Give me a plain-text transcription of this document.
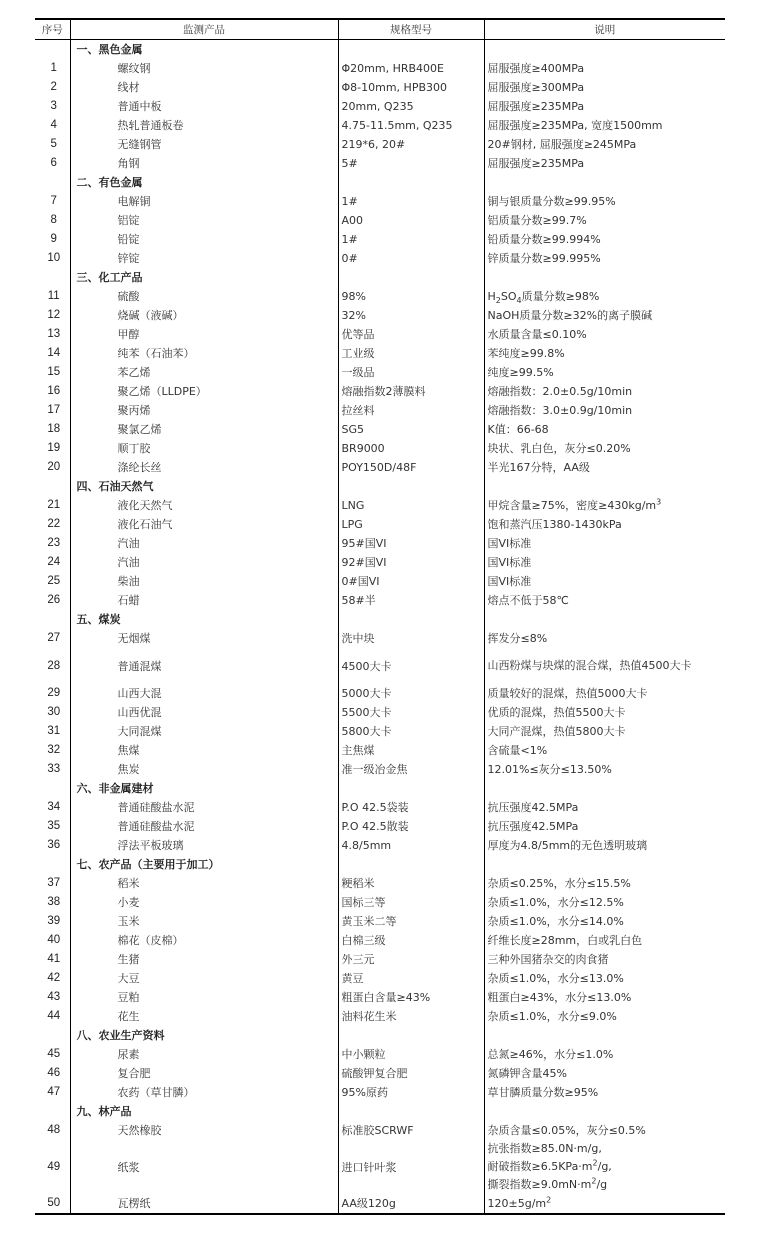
序号	监测产品	规格型号	说明
	一、黑色金属		
1	螺纹钢	Φ20mm, HRB400E	屈服强度≥400MPa
2	线材	Φ8-10mm, HPB300	屈服强度≥300MPa
3	普通中板	20mm, Q235	屈服强度≥235MPa
4	热轧普通板卷	4.75-11.5mm, Q235	屈服强度≥235MPa, 宽度1500mm
5	无缝钢管	219*6, 20#	20#钢材, 屈服强度≥245MPa
6	角钢	5#	屈服强度≥235MPa
	二、有色金属		
7	电解铜	1#	铜与银质量分数≥99.95%
8	铝锭	A00	铝质量分数≥99.7%
9	铅锭	1#	铅质量分数≥99.994%
10	锌锭	0#	锌质量分数≥99.995%
	三、化工产品		
11	硫酸	98%	$H_2SO_4$质量分数≥98%
12	烧碱（液碱）	32%	NaOH质量分数≥32%的离子膜碱
13	甲醇	优等品	水质量含量≤0.10%
14	纯苯（石油苯）	工业级	苯纯度≥99.8%
15	苯乙烯	一级品	纯度≥99.5%
16	聚乙烯（LLDPE）	熔融指数2薄膜料	熔融指数：2.0±0.5g/10min
17	聚丙烯	拉丝料	熔融指数：3.0±0.9g/10min
18	聚氯乙烯	SG5	K值：66-68
19	顺丁胶	BR9000	块状、乳白色，灰分≤0.20%
20	涤纶长丝	POY150D/48F	半光167分特，AA级
	四、石油天然气		
21	液化天然气	LNG	甲烷含量≥75%，密度$\ge 430kg/m^3$
22	液化石油气	LPG	饱和蒸汽压1380-1430kPa
23	汽油	95#国VI	国VI标准
24	汽油	92#国VI	国VI标准
25	柴油	0#国VI	国VI标准
26	石蜡	58#半	熔点不低于58℃
	五、煤炭		
27	无烟煤	洗中块	挥发分≤8%
28	普通混煤	4500大卡	山西粉煤与块煤的混合煤，热值4500大卡
29	山西大混	5000大卡	质量较好的混煤，热值5000大卡
30	山西优混	5500大卡	优质的混煤，热值5500大卡
31	大同混煤	5800大卡	大同产混煤，热值5800大卡
32	焦煤	主焦煤	含硫量<1%
33	焦炭	准一级冶金焦	12.01%≤灰分≤13.50%
	六、非金属建材		
34	普通硅酸盐水泥	P.O 42.5袋装	抗压强度42.5MPa
35	普通硅酸盐水泥	P.O 42.5散装	抗压强度42.5MPa
36	浮法平板玻璃	4.8/5mm	厚度为4.8/5mm的无色透明玻璃
	七、农产品（主要用于加工）		
37	稻米	粳稻米	杂质≤0.25%，水分≤15.5%
38	小麦	国标三等	杂质≤1.0%，水分≤12.5%
39	玉米	黄玉米二等	杂质≤1.0%，水分≤14.0%
40	棉花（皮棉）	白棉三级	纤维长度≥28mm，白或乳白色
41	生猪	外三元	三种外国猪杂交的肉食猪
42	大豆	黄豆	杂质≤1.0%，水分≤13.0%
43	豆粕	粗蛋白含量≥43%	粗蛋白≥43%，水分≤13.0%
44	花生	油料花生米	杂质≤1.0%，水分≤9.0%
	八、农业生产资料		
45	尿素	中小颗粒	总氮≥46%，水分≤1.0%
46	复合肥	硫酸钾复合肥	氮磷钾含量45%
47	农药（草甘膦）	95%原药	草甘膦质量分数≥95%
	九、林产品		
48	天然橡胶	标准胶SCRWF	杂质含量≤0.05%，灰分≤0.5%
49	纸浆	进口针叶浆	抗张指数≥85.0N·m/g,
耐破指数$\ge 6.5KPa\cdot m^2/g$,
撕裂指数$\ge 9.0mN\cdot m^2/g$

50	瓦楞纸	AA级120g	$120\pm 5g/m^2$
